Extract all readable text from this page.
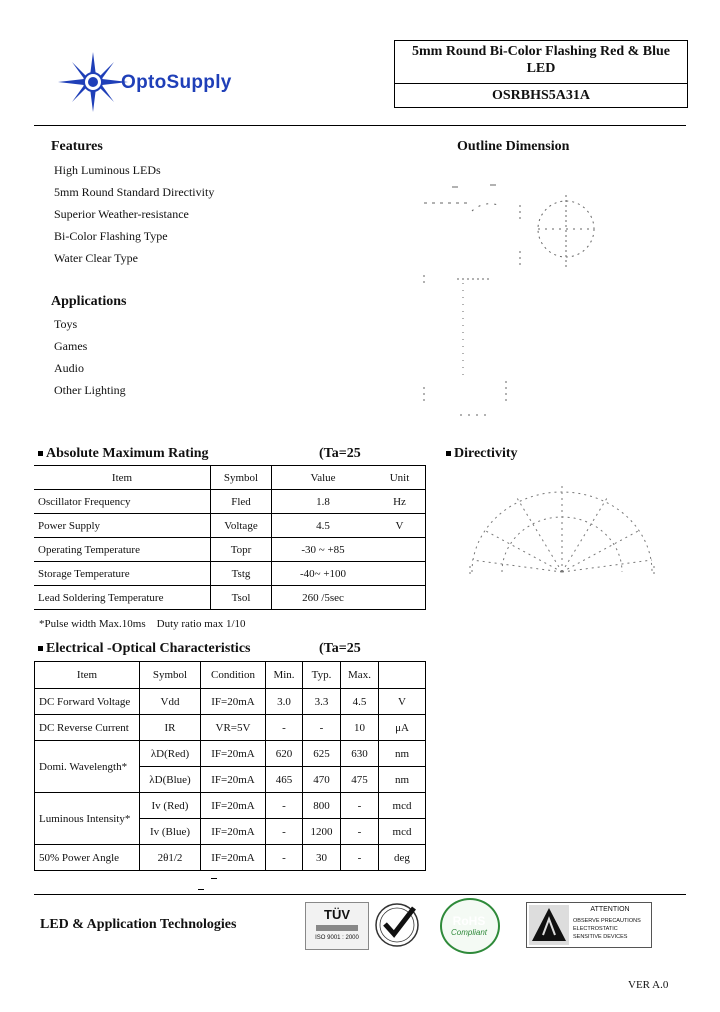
OptoSupply
5mm Round Bi-Color Flashing Red & Blue LED
OSRBHS5A31A
Features
High Luminous LEDs
5mm Round Standard Directivity
Superior Weather-resistance
Bi-Color Flashing Type
Water Clear Type
Applications
Toys
Games
Audio
Other Lighting
Outline Dimension
Absolute Maximum Rating	(Ta=25	Directivity
Item	Symbol	Value	Unit
Oscillator Frequency	Fled	1.8	Hz
Power Supply	Voltage	4.5	V
Operating Temperature	Topr	-30 ~ +85	
Storage Temperature	Tstg	-40~ +100	
Lead Soldering Temperature	Tsol	260 /5sec	
*Pulse width Max.10ms    Duty ratio max 1/10
Electrical -Optical Characteristics	(Ta=25
Item	Symbol	Condition	Min.	Typ.	Max.	
DC Forward Voltage	Vdd	IF=20mA	3.0	3.3	4.5	V
DC Reverse Current	IR	VR=5V	-	-	10	μA
Domi. Wavelength*	λD(Red)	IF=20mA	620	625	630	nm
	λD(Blue)	IF=20mA	465	470	475	nm
Luminous Intensity*	Iv (Red)	IF=20mA	-	800	-	mcd
	Iv (Blue)	IF=20mA	-	1200	-	mcd
50% Power Angle	2θ1/2	IF=20mA	-	30	-	deg
LED & Application Technologies
TÜV
ISO 9001 : 2000
RoHS
Compliant
ATTENTION
OBSERVE PRECAUTIONS
ELECTROSTATIC
SENSITIVE DEVICES
VER A.0
